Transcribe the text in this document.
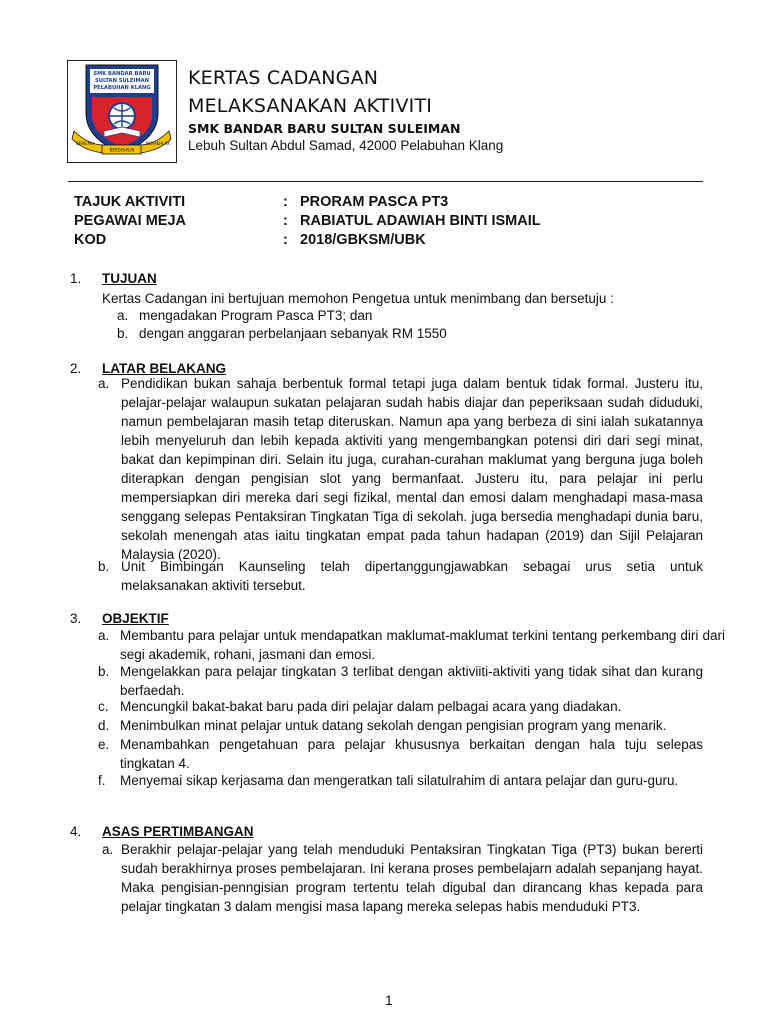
SMK BANDAR BARU
SULTAN SULEIMAN
PELABUHAN KLANG
BERILMU
BERDISIPLIN
BERAKHLAK
KERTAS CADANGAN
MELAKSANAKAN AKTIVITI
SMK BANDAR BARU SULTAN SULEIMAN
Lebuh Sultan Abdul Samad, 42000 Pelabuhan Klang
TAJUK AKTIVITI	: PRORAM PASCA PT3
PEGAWAI MEJA	: RABIATUL ADAWIAH BINTI ISMAIL
KOD	: 2018/GBKSM/UBK
1. TUJUAN
Kertas Cadangan ini bertujuan memohon Pengetua untuk menimbang dan bersetuju :
a. mengadakan Program Pasca PT3; dan
b. dengan anggaran perbelanjaan sebanyak RM 1550
2. LATAR BELAKANG
a. Pendidikan bukan sahaja berbentuk formal tetapi juga dalam bentuk tidak formal. Justeru itu, pelajar-pelajar walaupun sukatan pelajaran sudah habis diajar dan peperiksaan sudah diduduki, namun pembelajaran masih tetap diteruskan. Namun apa yang berbeza di sini ialah sukatannya lebih menyeluruh dan lebih kepada aktiviti yang mengembangkan potensi diri dari segi minat, bakat dan kepimpinan diri. Selain itu juga, curahan-curahan maklumat yang berguna juga boleh diterapkan dengan pengisian slot yang bermanfaat. Justeru itu, para pelajar ini perlu mempersiapkan diri mereka dari segi fizikal, mental dan emosi dalam menghadapi masa-masa senggang selepas Pentaksiran Tingkatan Tiga di sekolah. juga bersedia menghadapi dunia baru, sekolah menengah atas iaitu tingkatan empat pada tahun hadapan (2019) dan Sijil Pelajaran Malaysia (2020).
b. Unit Bimbingan Kaunseling telah dipertanggungjawabkan sebagai urus setia untuk melaksanakan aktiviti tersebut.
3. OBJEKTIF
Membantu para pelajar untuk mendapatkan maklumat-maklumat terkini tentang perkembang diri dari segi akademik, rohani, jasmani dan emosi.
a.
b. Mengelakkan para pelajar tingkatan 3 terlibat dengan aktiviiti-aktiviti yang tidak sihat dan kurang berfaedah.
c. Mencungkil bakat-bakat baru pada diri pelajar dalam pelbagai acara yang diadakan.
d. Menimbulkan minat pelajar untuk datang sekolah dengan pengisian program yang menarik.
e. Menambahkan pengetahuan para pelajar khususnya berkaitan dengan hala tuju selepas tingkatan 4.
f. Menyemai sikap kerjasama dan mengeratkan tali silatulrahim di antara pelajar dan guru-guru.
4. ASAS PERTIMBANGAN
a. Berakhir pelajar-pelajar yang telah menduduki Pentaksiran Tingkatan Tiga (PT3) bukan bererti sudah berakhirnya proses pembelajaran. Ini kerana proses pembelajarn adalah sepanjang hayat. Maka pengisian-penngisian program tertentu telah digubal dan dirancang khas kepada para pelajar tingkatan 3 dalam mengisi masa lapang mereka selepas habis menduduki PT3.
1
